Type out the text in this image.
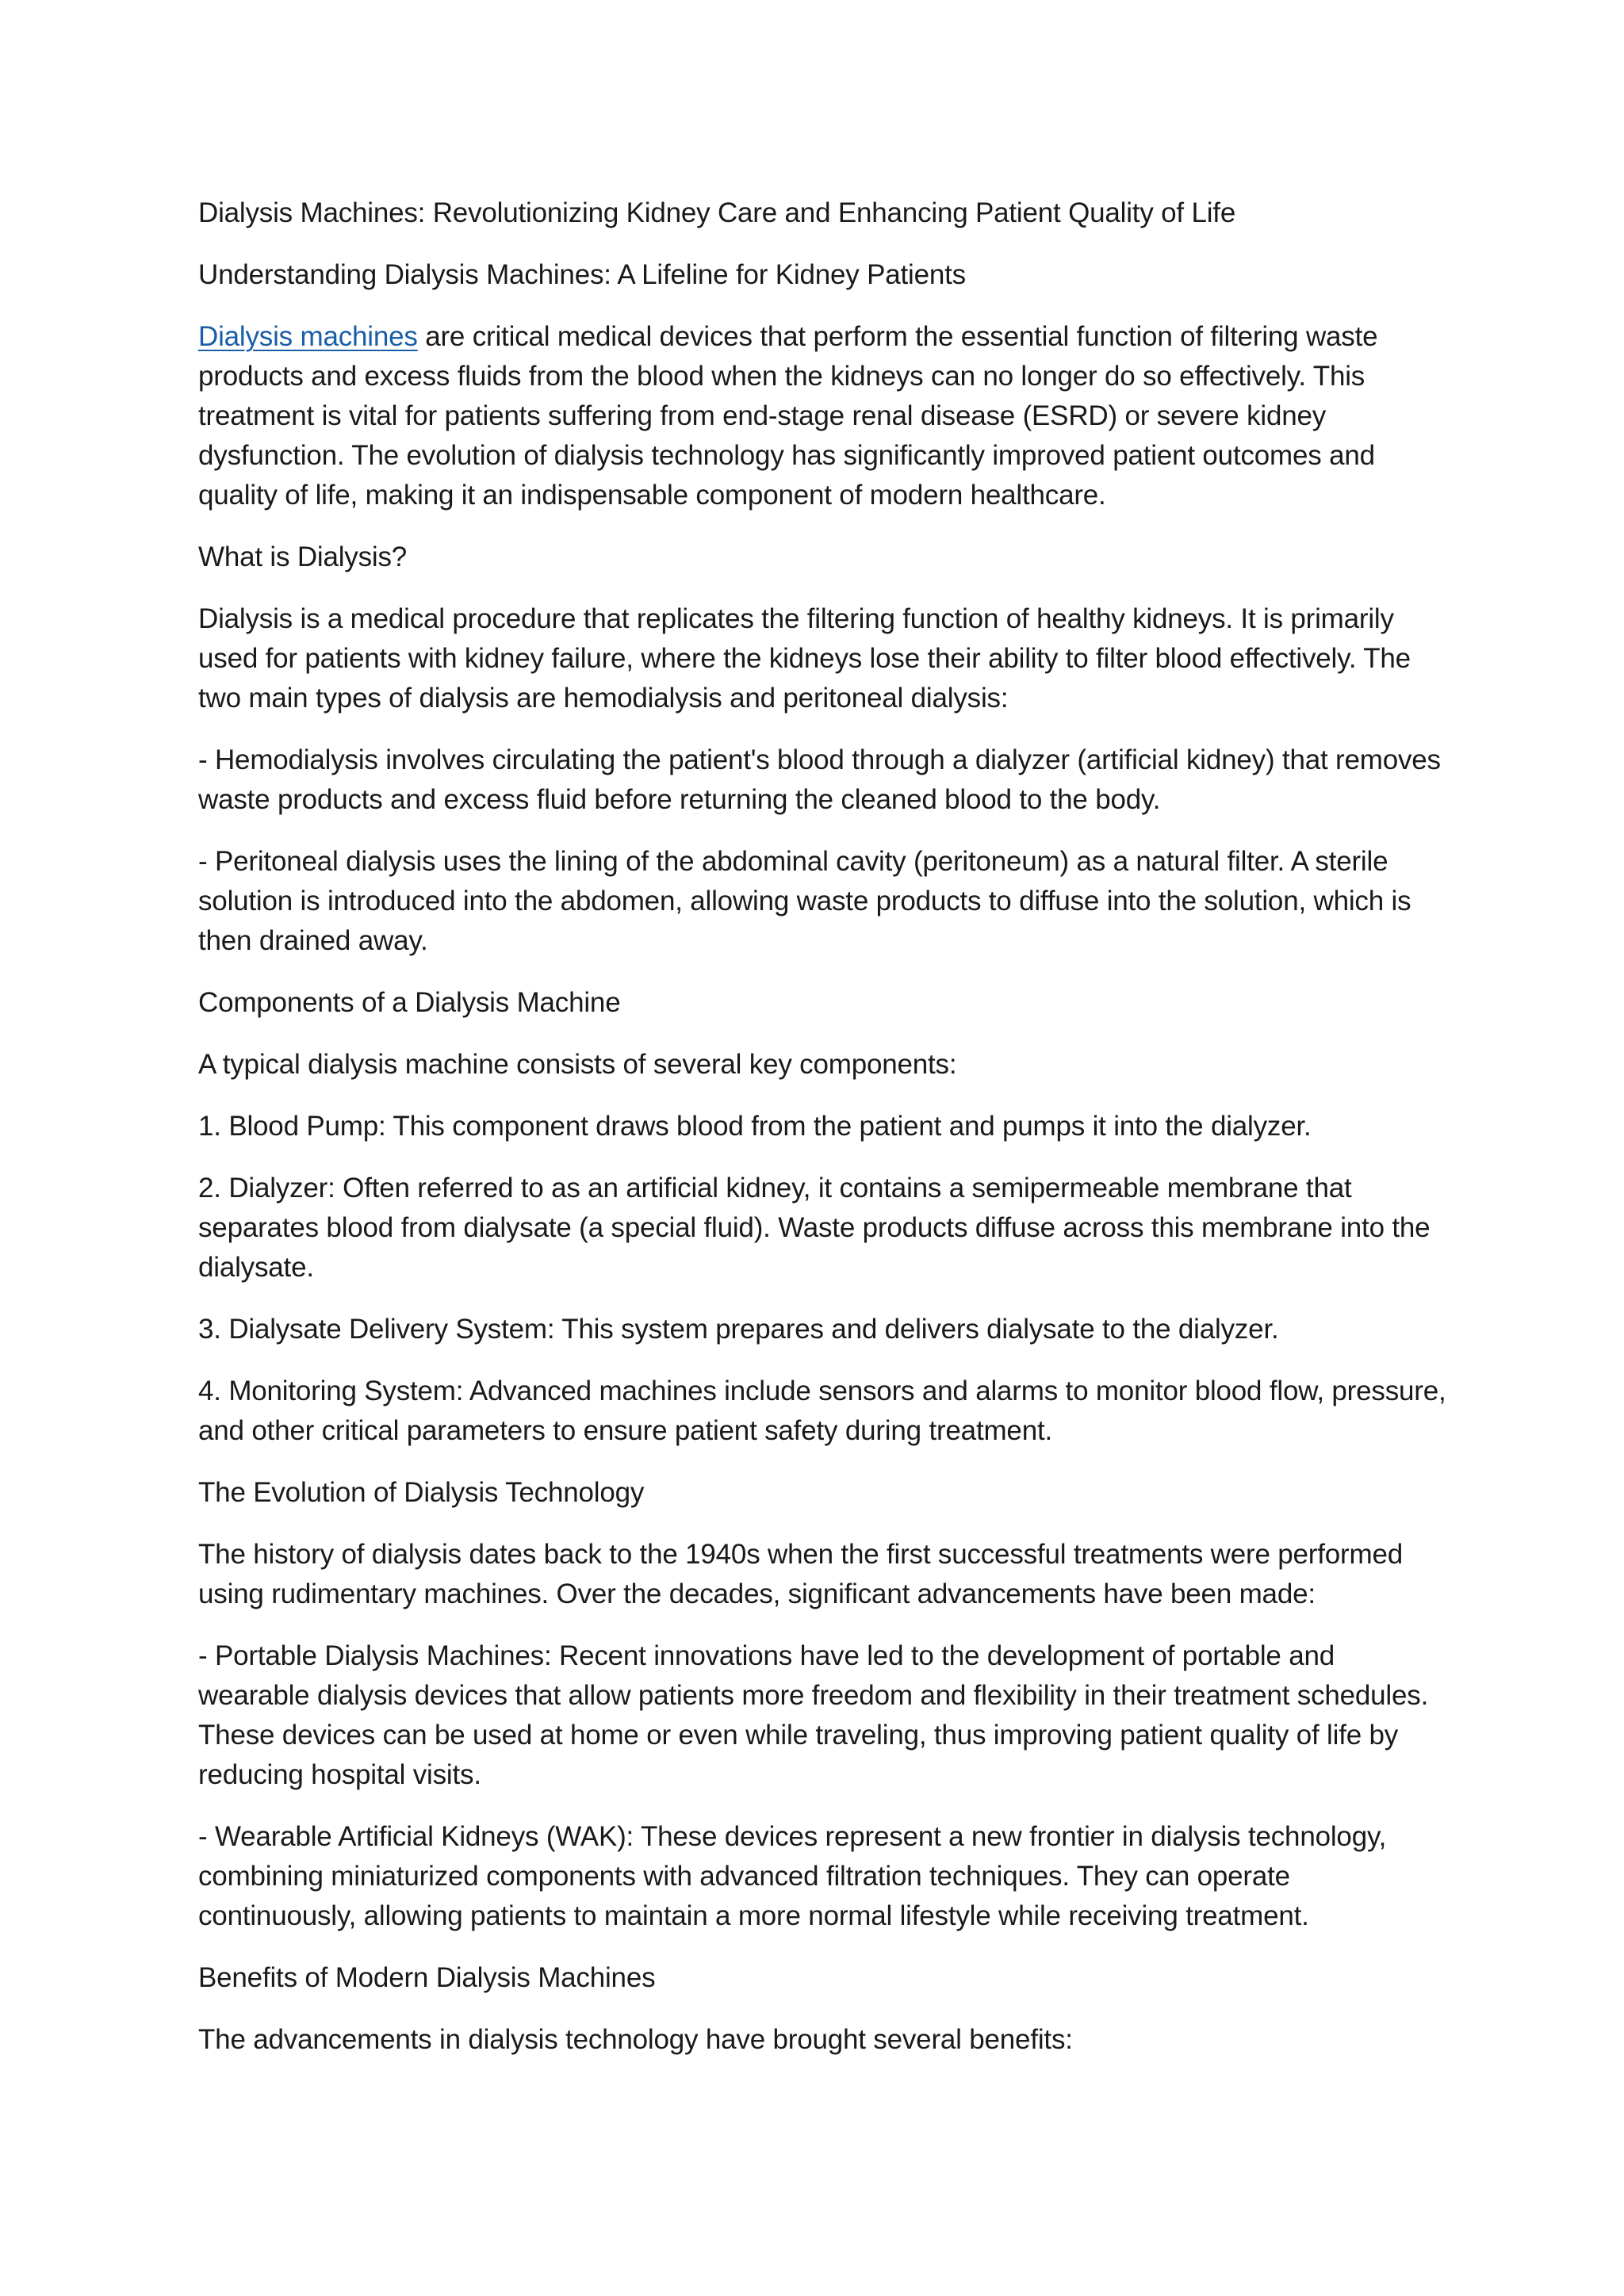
Dialysis Machines: Revolutionizing Kidney Care and Enhancing Patient Quality of Life

Understanding Dialysis Machines: A Lifeline for Kidney Patients

Dialysis machines are critical medical devices that perform the essential function of filtering waste products and excess fluids from the blood when the kidneys can no longer do so effectively. This treatment is vital for patients suffering from end-stage renal disease (ESRD) or severe kidney dysfunction. The evolution of dialysis technology has significantly improved patient outcomes and quality of life, making it an indispensable component of modern healthcare.

What is Dialysis?

Dialysis is a medical procedure that replicates the filtering function of healthy kidneys. It is primarily used for patients with kidney failure, where the kidneys lose their ability to filter blood effectively. The two main types of dialysis are hemodialysis and peritoneal dialysis:

- Hemodialysis involves circulating the patient's blood through a dialyzer (artificial kidney) that removes waste products and excess fluid before returning the cleaned blood to the body.

- Peritoneal dialysis uses the lining of the abdominal cavity (peritoneum) as a natural filter. A sterile solution is introduced into the abdomen, allowing waste products to diffuse into the solution, which is then drained away.

Components of a Dialysis Machine

A typical dialysis machine consists of several key components:

1. Blood Pump: This component draws blood from the patient and pumps it into the dialyzer.

2. Dialyzer: Often referred to as an artificial kidney, it contains a semipermeable membrane that separates blood from dialysate (a special fluid). Waste products diffuse across this membrane into the dialysate.

3. Dialysate Delivery System: This system prepares and delivers dialysate to the dialyzer.

4. Monitoring System: Advanced machines include sensors and alarms to monitor blood flow, pressure, and other critical parameters to ensure patient safety during treatment.

The Evolution of Dialysis Technology

The history of dialysis dates back to the 1940s when the first successful treatments were performed using rudimentary machines. Over the decades, significant advancements have been made:

- Portable Dialysis Machines: Recent innovations have led to the development of portable and wearable dialysis devices that allow patients more freedom and flexibility in their treatment schedules. These devices can be used at home or even while traveling, thus improving patient quality of life by reducing hospital visits.

- Wearable Artificial Kidneys (WAK): These devices represent a new frontier in dialysis technology, combining miniaturized components with advanced filtration techniques. They can operate continuously, allowing patients to maintain a more normal lifestyle while receiving treatment.

Benefits of Modern Dialysis Machines

The advancements in dialysis technology have brought several benefits:
